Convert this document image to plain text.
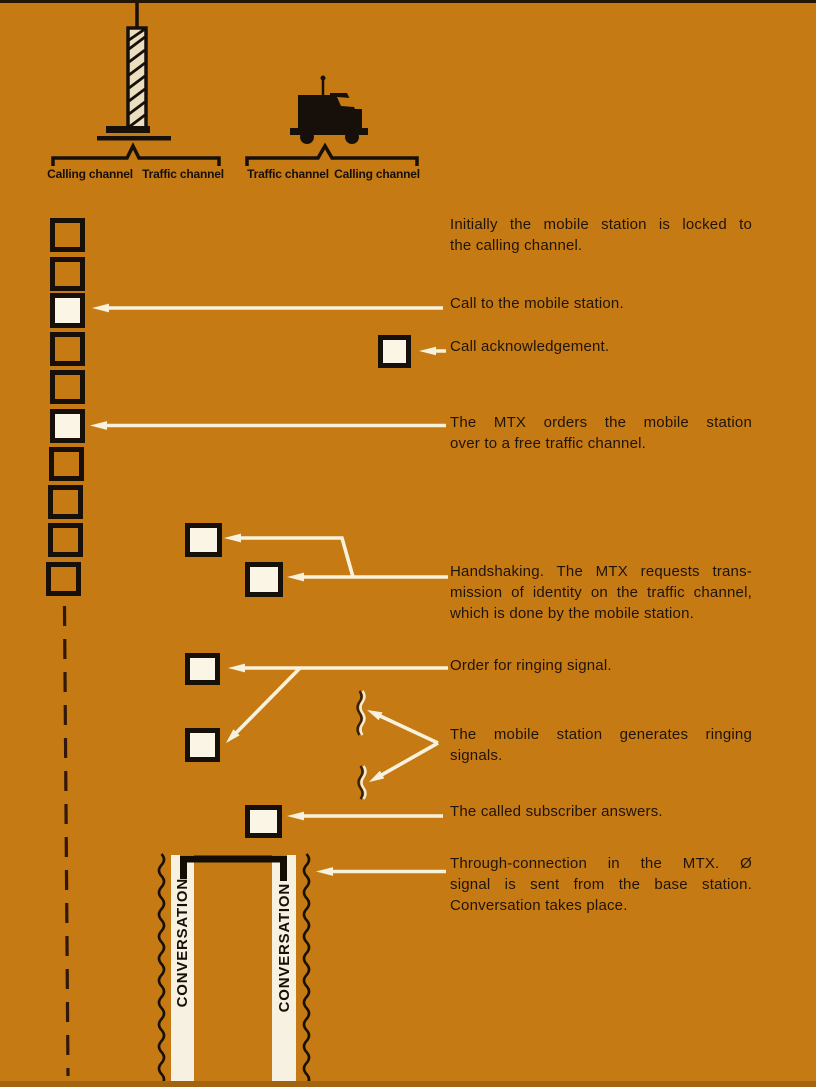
CONVERSATION	CONVERSATION
Calling channel Traffic channel Traffic channel Calling channel
Initially the mobile station is locked to
the calling channel.
Call to the mobile station.
Call acknowledgement.
The MTX orders the mobile station
over to a free traffic channel.
Handshaking. The MTX requests trans-
mission of identity on the traffic channel,
which is done by the mobile station.
Order for ringing signal.
The mobile station generates ringing
signals.
The called subscriber answers.
Through-connection in the MTX. Ø
signal is sent from the base station.
Conversation takes place.
